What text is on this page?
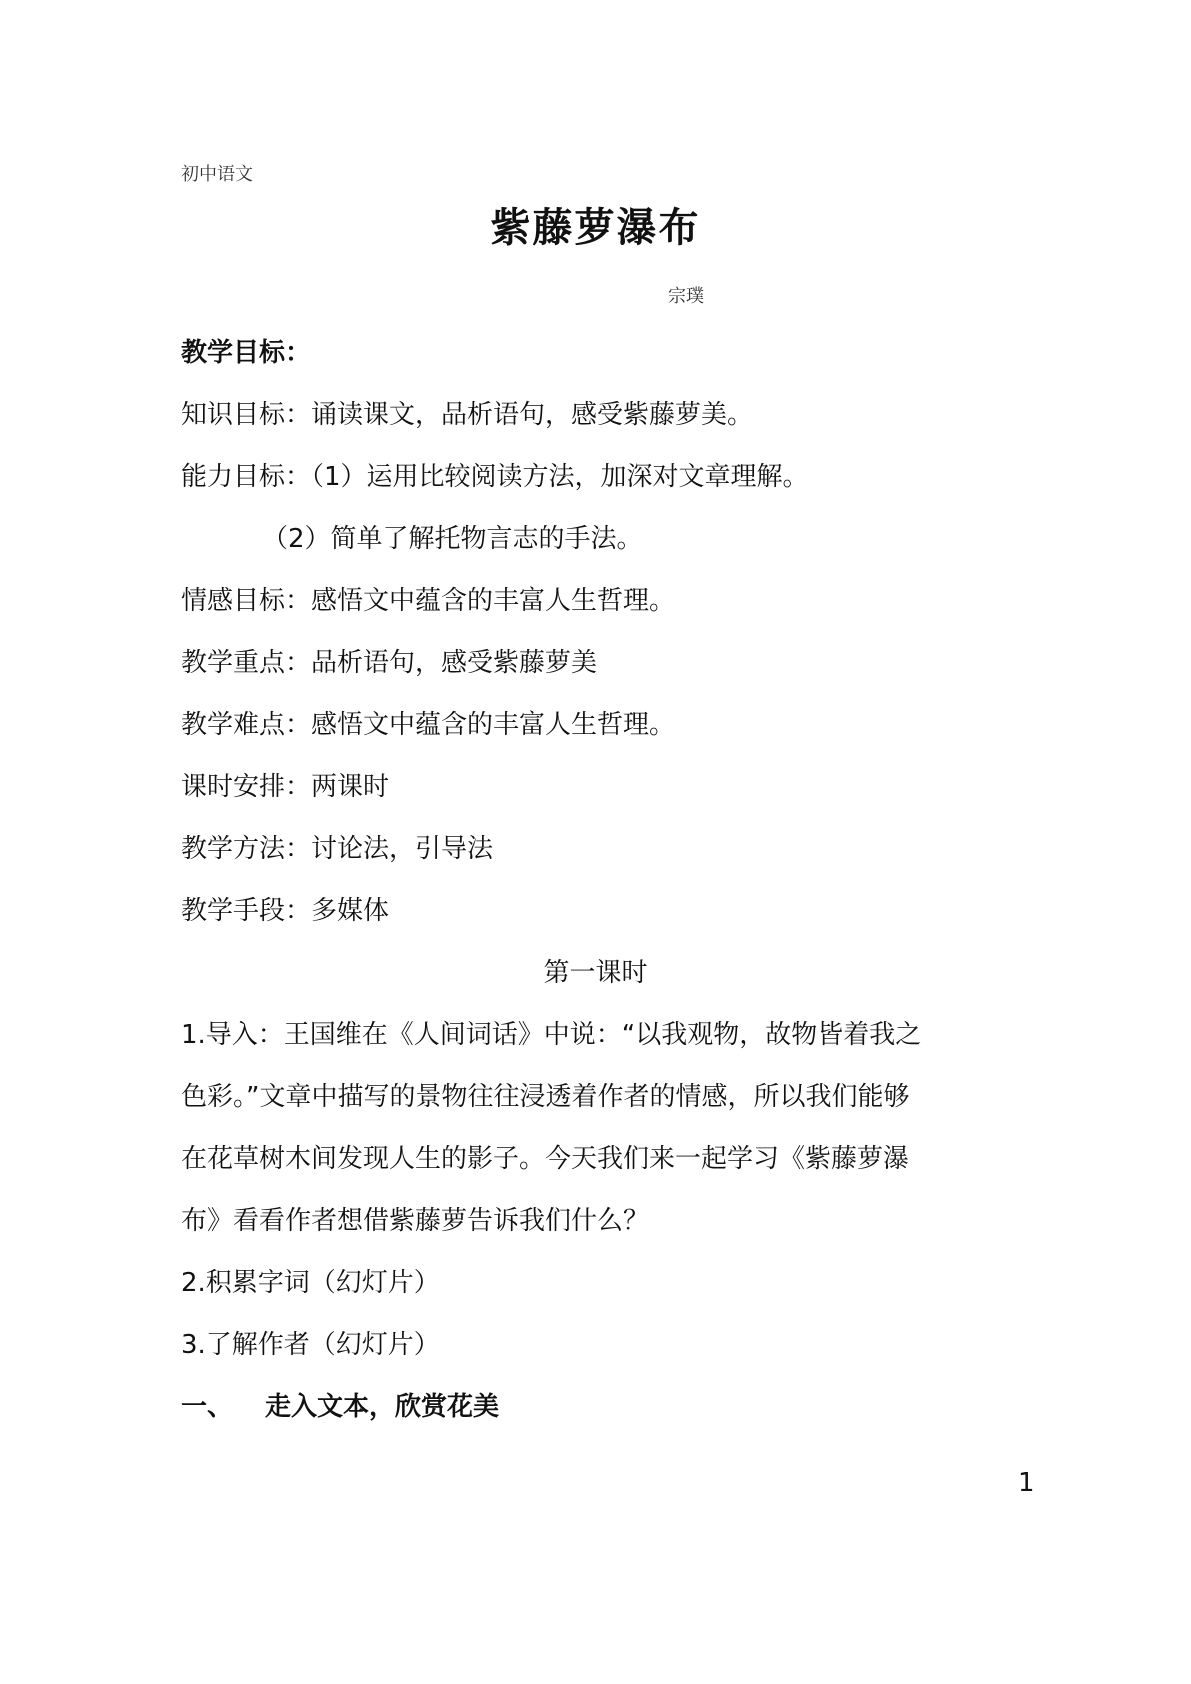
初中语文
紫藤萝瀑布
宗璞
教学目标：
知识目标：诵读课文，品析语句，感受紫藤萝美。
能力目标：（1）运用比较阅读方法，加深对文章理解。
（2）简单了解托物言志的手法。
情感目标：感悟文中蕴含的丰富人生哲理。
教学重点：品析语句，感受紫藤萝美
教学难点：感悟文中蕴含的丰富人生哲理。
课时安排：两课时
教学方法：讨论法，引导法
教学手段：多媒体
第一课时
1.导入：王国维在《人间词话》中说：“以我观物，故物皆着我之
色彩。”文章中描写的景物往往浸透着作者的情感，所以我们能够
在花草树木间发现人生的影子。今天我们来一起学习《紫藤萝瀑
布》看看作者想借紫藤萝告诉我们什么？
2.积累字词（幻灯片）
3.了解作者（幻灯片）
一、 走入文本，欣赏花美
1
